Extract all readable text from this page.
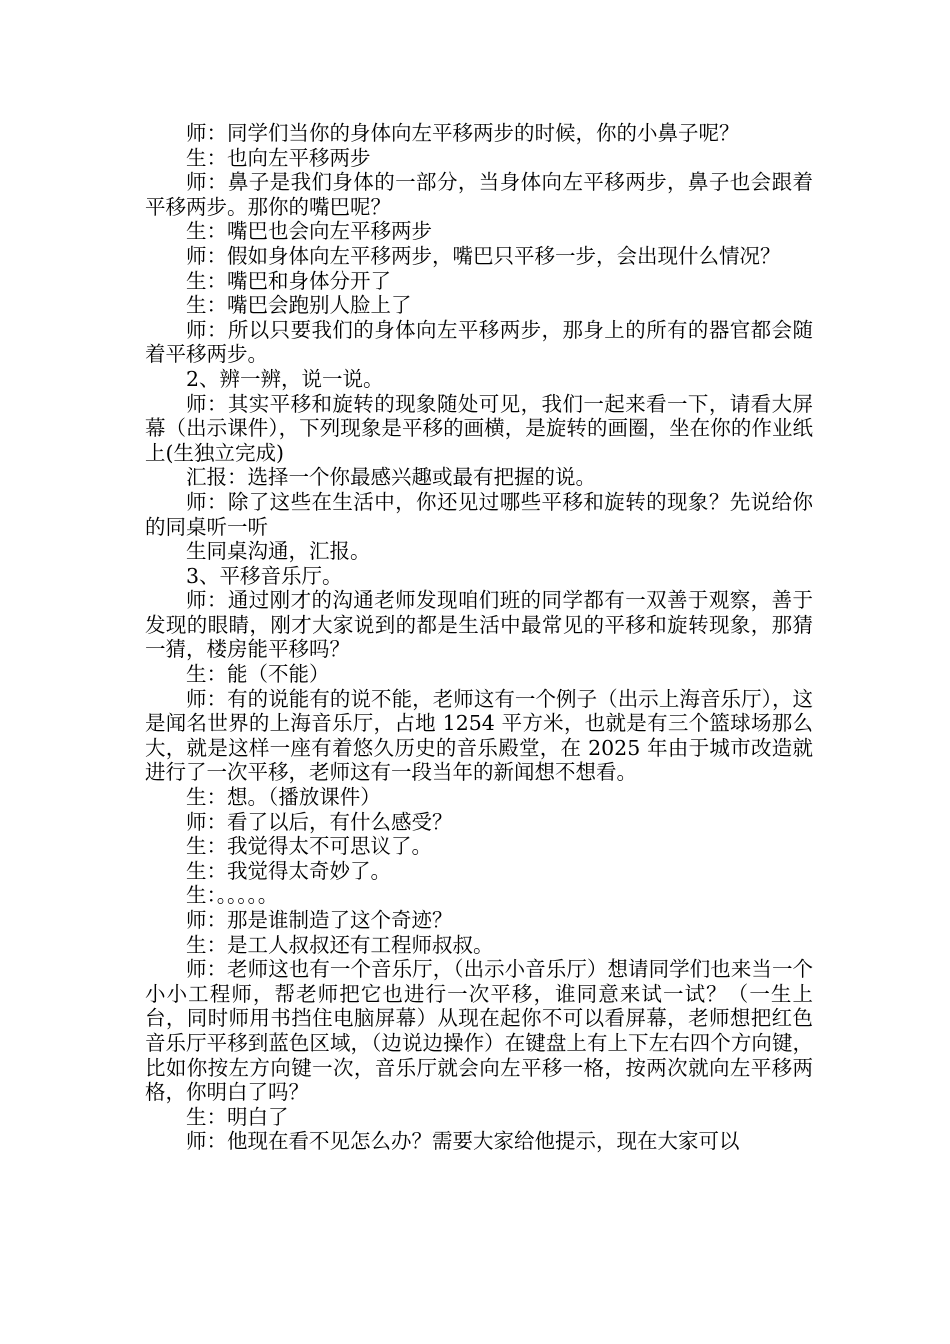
师：同学们当你的身体向左平移两步的时候，你的小鼻子呢？

生：也向左平移两步

师：鼻子是我们身体的一部分，当身体向左平移两步，鼻子也会跟着平移两步。那你的嘴巴呢？

生：嘴巴也会向左平移两步

师：假如身体向左平移两步，嘴巴只平移一步，会出现什么情况？

生：嘴巴和身体分开了

生：嘴巴会跑别人脸上了

师：所以只要我们的身体向左平移两步，那身上的所有的器官都会随着平移两步。

2、辨一辨，说一说。

师：其实平移和旋转的现象随处可见，我们一起来看一下，请看大屏幕（出示课件），下列现象是平移的画横，是旋转的画圈，坐在你的作业纸上(生独立完成)

汇报：选择一个你最感兴趣或最有把握的说。

师：除了这些在生活中，你还见过哪些平移和旋转的现象？先说给你的同桌听一听

生同桌沟通，汇报。

3、平移音乐厅。

师：通过刚才的沟通老师发现咱们班的同学都有一双善于观察，善于发现的眼睛，刚才大家说到的都是生活中最常见的平移和旋转现象，那猜一猜，楼房能平移吗？

生：能（不能）

师：有的说能有的说不能，老师这有一个例子（出示上海音乐厅），这是闻名世界的上海音乐厅，占地 1254 平方米，也就是有三个篮球场那么大，就是这样一座有着悠久历史的音乐殿堂，在 2025 年由于城市改造就进行了一次平移，老师这有一段当年的新闻想不想看。

生：想。（播放课件）

师：看了以后，有什么感受？

生：我觉得太不可思议了。

生：我觉得太奇妙了。

生：。。。。。

师：那是谁制造了这个奇迹？

生：是工人叔叔还有工程师叔叔。

师：老师这也有一个音乐厅，（出示小音乐厅）想请同学们也来当一个小小工程师，帮老师把它也进行一次平移，谁同意来试一试？（一生上台，同时师用书挡住电脑屏幕）从现在起你不可以看屏幕，老师想把红色音乐厅平移到蓝色区域，（边说边操作）在键盘上有上下左右四个方向键，比如你按左方向键一次，音乐厅就会向左平移一格，按两次就向左平移两格，你明白了吗？

生：明白了

师：他现在看不见怎么办？需要大家给他提示，现在大家可以
